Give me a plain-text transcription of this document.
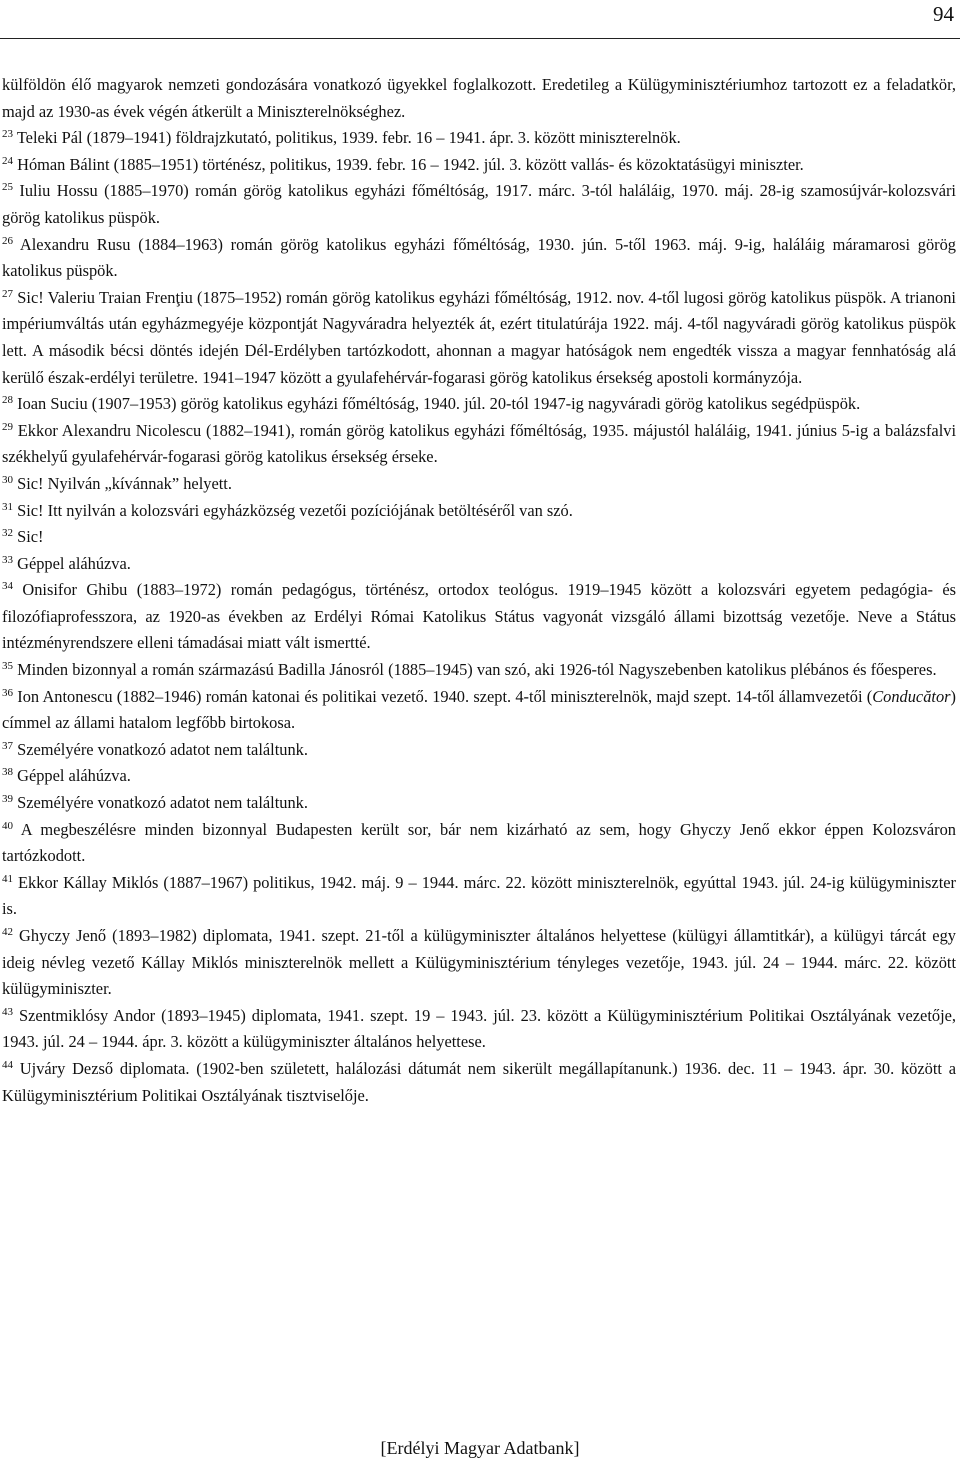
94

külföldön élő magyarok nemzeti gondozására vonatkozó ügyekkel foglalkozott. Eredetileg a Külügyminisztériumhoz tartozott ez a feladatkör, majd az 1930-as évek végén átkerült a Miniszterelnökséghez.

$^{23}$ Teleki Pál (1879–1941) földrajzkutató, politikus, 1939. febr. 16 – 1941. ápr. 3. között miniszterelnök.

$^{24}$ Hóman Bálint (1885–1951) történész, politikus, 1939. febr. 16 – 1942. júl. 3. között vallás- és közoktatásügyi miniszter.

$^{25}$ Iuliu Hossu (1885–1970) román görög katolikus egyházi főméltóság, 1917. márc. 3-tól haláláig, 1970. máj. 28-ig szamosújvár-kolozsvári görög katolikus püspök.

$^{26}$ Alexandru Rusu (1884–1963) román görög katolikus egyházi főméltóság, 1930. jún. 5-től 1963. máj. 9-ig, haláláig máramarosi görög katolikus püspök.

$^{27}$ Sic! Valeriu Traian Frenţiu (1875–1952) román görög katolikus egyházi főméltóság, 1912. nov. 4-től lugosi görög katolikus püspök. A trianoni impériumváltás után egyházmegyéje központját Nagyváradra helyezték át, ezért titulatúrája 1922. máj. 4-től nagyváradi görög katolikus püspök lett. A második bécsi döntés idején Dél-Erdélyben tartózkodott, ahonnan a magyar hatóságok nem engedték vissza a magyar fennhatóság alá kerülő észak-erdélyi területre. 1941–1947 között a gyulafehérvár-fogarasi görög katolikus érsekség apostoli kormányzója.

$^{28}$ Ioan Suciu (1907–1953) görög katolikus egyházi főméltóság, 1940. júl. 20-tól 1947-ig nagyváradi görög katolikus segédpüspök.

$^{29}$ Ekkor Alexandru Nicolescu (1882–1941), román görög katolikus egyházi főméltóság, 1935. májustól haláláig, 1941. június 5-ig a balázsfalvi székhelyű gyulafehérvár-fogarasi görög katolikus érsekség érseke.

$^{30}$ Sic! Nyilván „kívánnak” helyett.

$^{31}$ Sic! Itt nyilván a kolozsvári egyházközség vezetői pozíciójának betöltéséről van szó.

$^{32}$ Sic!

$^{33}$ Géppel aláhúzva.

$^{34}$ Onisifor Ghibu (1883–1972) román pedagógus, történész, ortodox teológus. 1919–1945 között a kolozsvári egyetem pedagógia- és filozófiaprofesszora, az 1920-as években az Erdélyi Római Katolikus Státus vagyonát vizsgáló állami bizottság vezetője. Neve a Státus intézményrendszere elleni támadásai miatt vált ismertté.

$^{35}$ Minden bizonnyal a román származású Badilla Jánosról (1885–1945) van szó, aki 1926-tól Nagyszebenben katolikus plébános és főesperes.

$^{36}$ Ion Antonescu (1882–1946) román katonai és politikai vezető. 1940. szept. 4-től miniszterelnök, majd szept. 14-től államvezetői (Conducător) címmel az állami hatalom legfőbb birtokosa.

$^{37}$ Személyére vonatkozó adatot nem találtunk.

$^{38}$ Géppel aláhúzva.

$^{39}$ Személyére vonatkozó adatot nem találtunk.

$^{40}$ A megbeszélésre minden bizonnyal Budapesten került sor, bár nem kizárható az sem, hogy Ghyczy Jenő ekkor éppen Kolozsváron tartózkodott.

$^{41}$ Ekkor Kállay Miklós (1887–1967) politikus, 1942. máj. 9 – 1944. márc. 22. között miniszterelnök, egyúttal 1943. júl. 24-ig külügyminiszter is.

$^{42}$ Ghyczy Jenő (1893–1982) diplomata, 1941. szept. 21-től a külügyminiszter általános helyettese (külügyi államtitkár), a külügyi tárcát egy ideig névleg vezető Kállay Miklós miniszterelnök mellett a Külügyminisztérium tényleges vezetője, 1943. júl. 24 – 1944. márc. 22. között külügyminiszter.

$^{43}$ Szentmiklósy Andor (1893–1945) diplomata, 1941. szept. 19 – 1943. júl. 23. között a Külügyminisztérium Politikai Osztályának vezetője, 1943. júl. 24 – 1944. ápr. 3. között a külügyminiszter általános helyettese.

$^{44}$ Ujváry Dezső diplomata. (1902-ben született, halálozási dátumát nem sikerült megállapítanunk.) 1936. dec. 11 – 1943. ápr. 30. között a Külügyminisztérium Politikai Osztályának tisztviselője.

[Erdélyi Magyar Adatbank]
